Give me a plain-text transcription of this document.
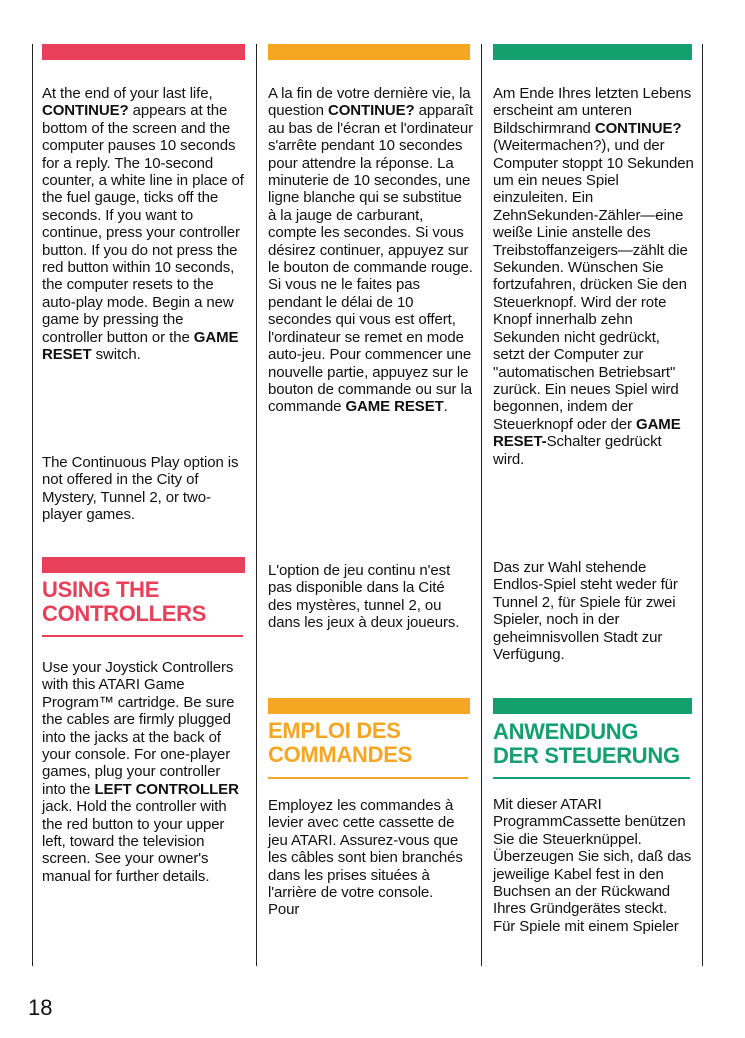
At the end of your last life, CONTINUE? appears at the bottom of the screen and the computer pauses 10 seconds for a reply. The 10-second counter, a white line in place of the fuel gauge, ticks off the seconds. If you want to continue, press your controller button. If you do not press the red button within 10 seconds, the computer resets to the auto-play mode. Begin a new game by pressing the controller button or the GAME RESET switch.

The Continuous Play option is not offered in the City of Mystery, Tunnel 2, or two-player games.

USING THE

CONTROLLERS

Use your Joystick Controllers with this ATARI Game Program™ cartridge. Be sure the cables are firmly plugged into the jacks at the back of your console. For one-player games, plug your controller into the LEFT CONTROLLER jack. Hold the controller with the red button to your upper left, toward the television screen. See your owner's manual for further details.

A la fin de votre dernière vie, la question CONTINUE? apparaît au bas de l'écran et l'ordinateur s'arrête pendant 10 secondes pour attendre la réponse. La minuterie de 10 secondes, une ligne blanche qui se substitue à la jauge de carburant, compte les secondes. Si vous désirez continuer, appuyez sur le bouton de commande rouge. Si vous ne le faites pas pendant le délai de 10 secondes qui vous est offert, l'ordinateur se remet en mode auto-jeu. Pour commencer une nouvelle partie, appuyez sur le bouton de commande ou sur la commande GAME RESET.

L'option de jeu continu n'est pas disponible dans la Cité des mystères, tunnel 2, ou dans les jeux à deux joueurs.

EMPLOI DES

COMMANDES

Employez les commandes à levier avec cette cassette de jeu ATARI. Assurez-vous que les câbles sont bien branchés dans les prises situées à l'arrière de votre console. Pour

Am Ende Ihres letzten Lebens erscheint am unteren Bildschirmrand CONTINUE? (Weitermachen?), und der Computer stoppt 10 Sekunden um ein neues Spiel einzuleiten. Ein ZehnSekunden-Zähler—eine weiße Linie anstelle des Treibstoffanzeigers—zählt die Sekunden. Wünschen Sie fortzufahren, drücken Sie den Steuerknopf. Wird der rote Knopf innerhalb zehn Sekunden nicht gedrückt, setzt der Computer zur "automatischen Betriebsart" zurück. Ein neues Spiel wird begonnen, indem der Steuerknopf oder der GAME RESET-Schalter gedrückt wird.

Das zur Wahl stehende Endlos-Spiel steht weder für Tunnel 2, für Spiele für zwei Spieler, noch in der geheimnisvollen Stadt zur Verfügung.

ANWENDUNG

DER STEUERUNG

Mit dieser ATARI ProgrammCassette benützen Sie die Steuerknüppel. Überzeugen Sie sich, daß das jeweilige Kabel fest in den Buchsen an der Rückwand Ihres Gründgerätes steckt. Für Spiele mit einem Spieler

18
